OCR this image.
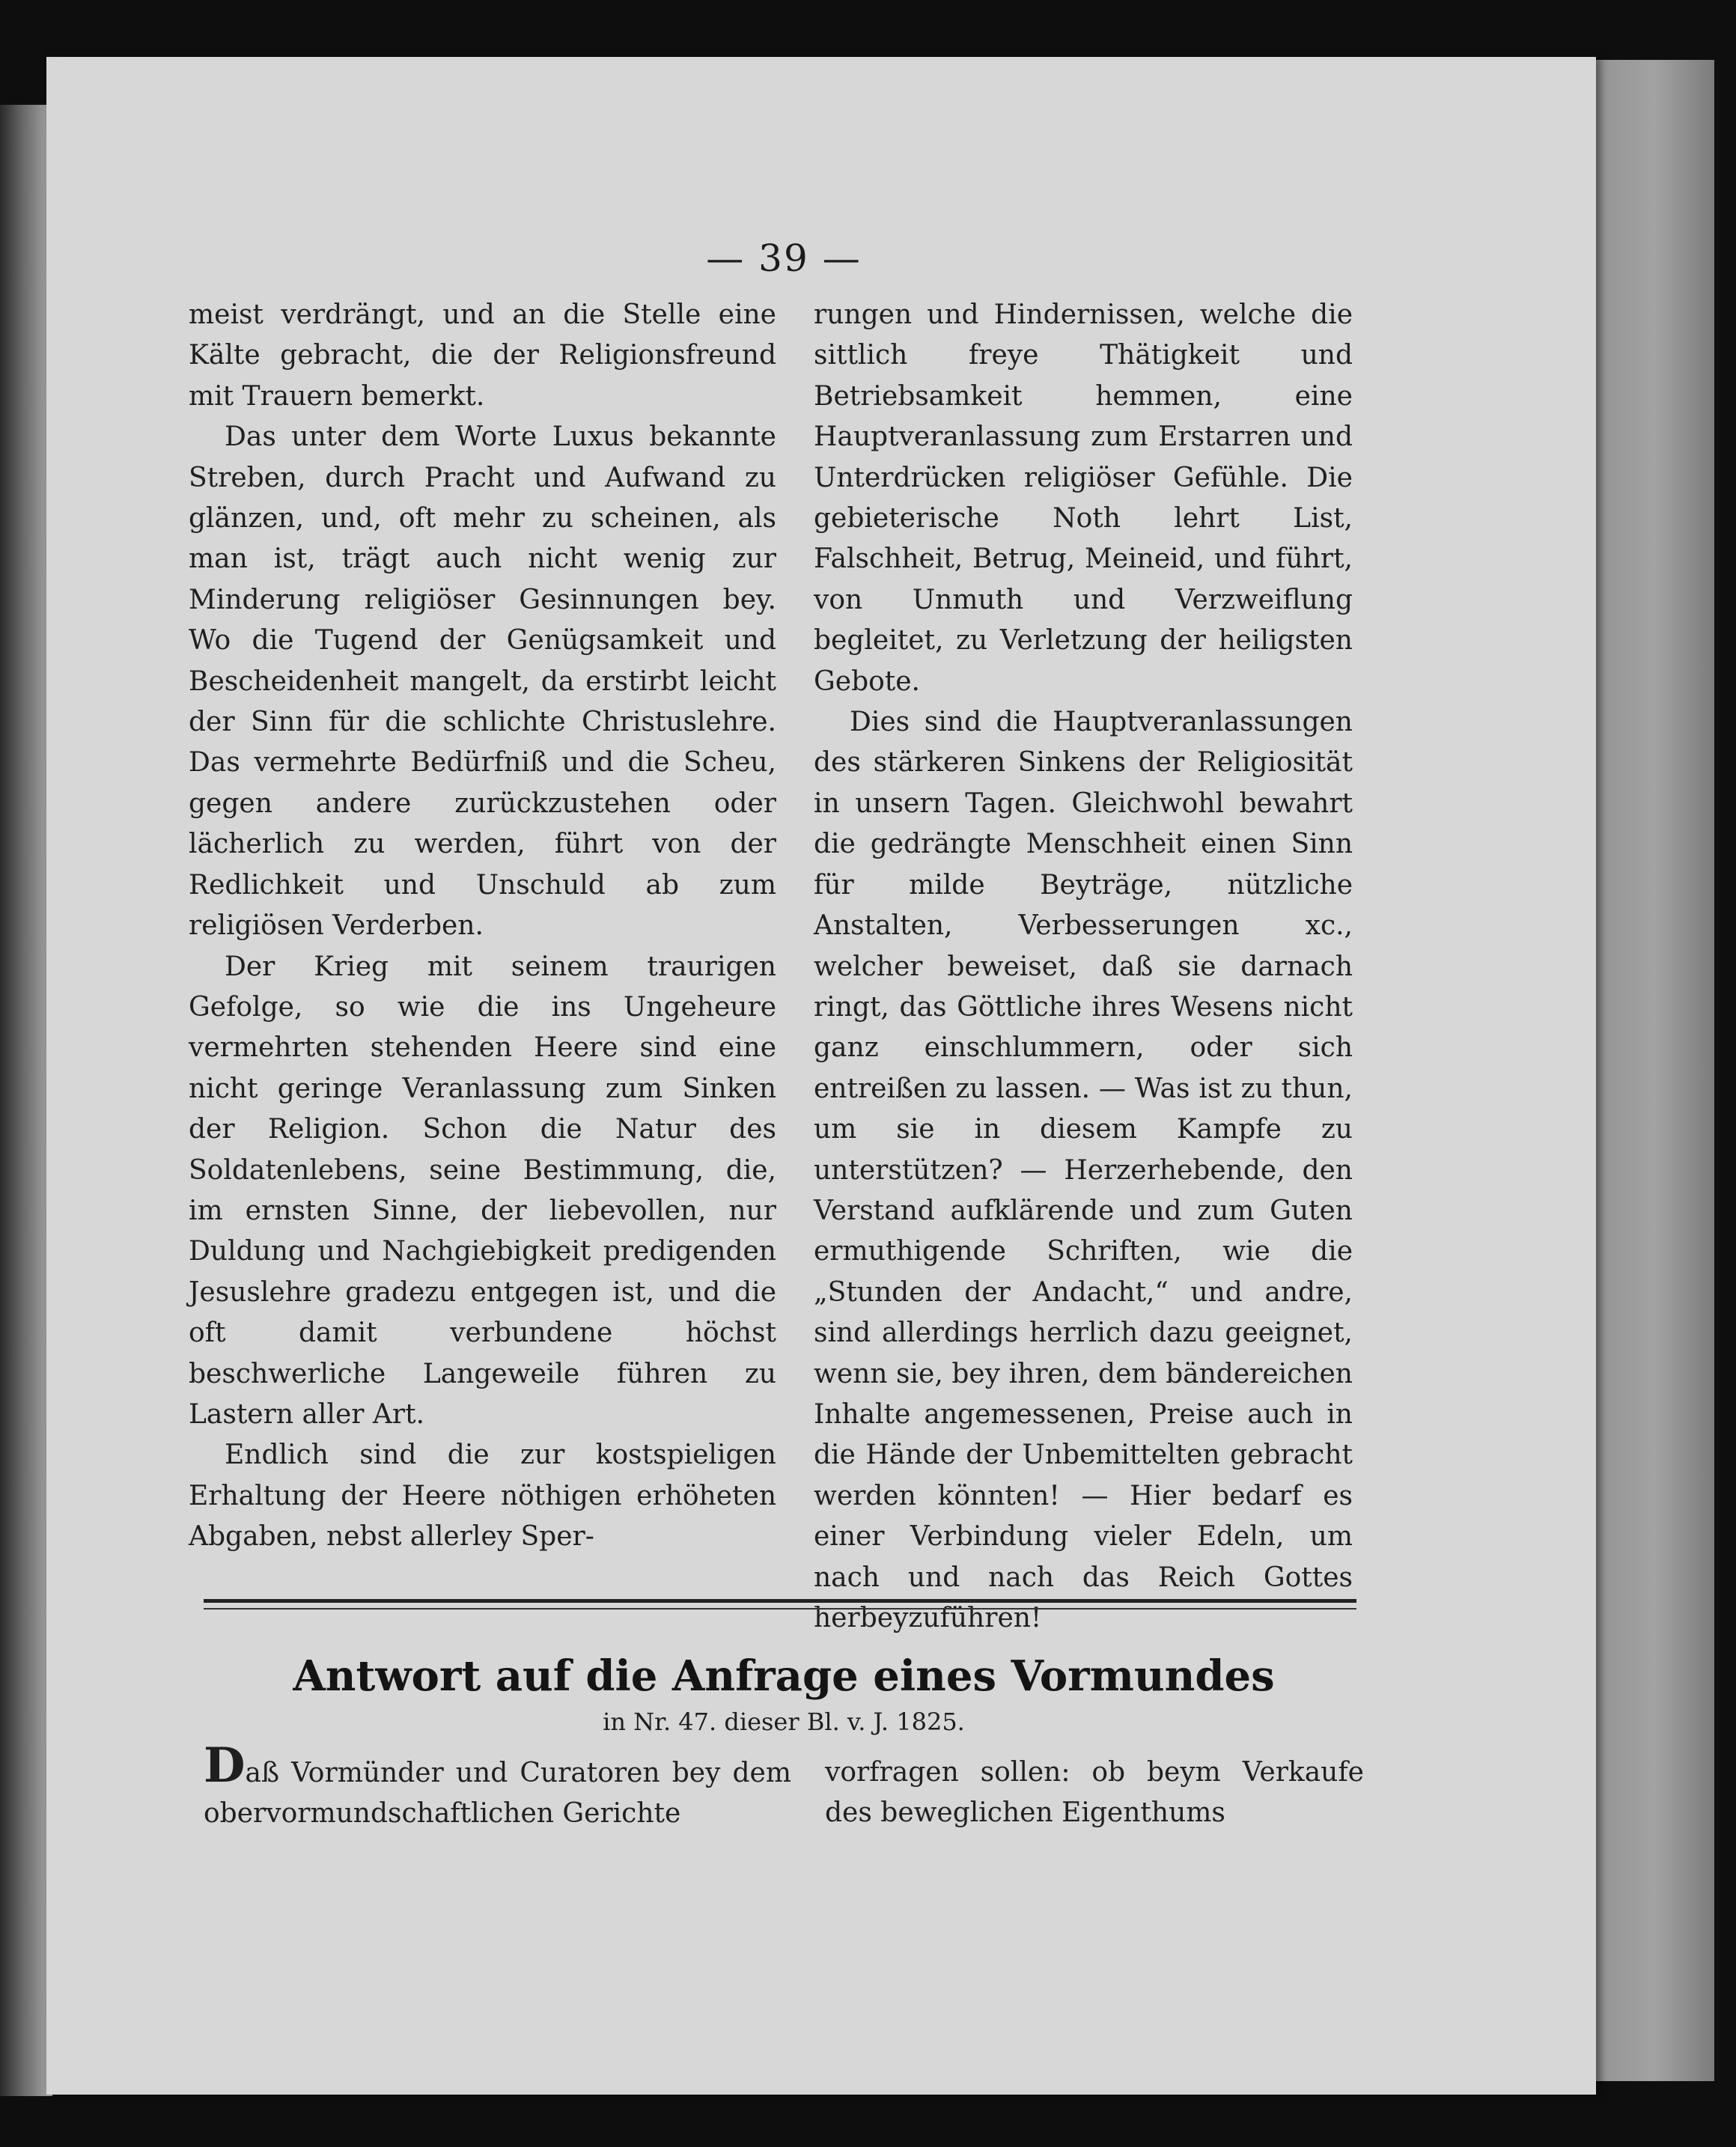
— 39 —

meist verdrängt, und an die Stelle eine Kälte gebracht, die der Religionsfreund mit Trauern bemerkt.

Das unter dem Worte Luxus bekannte Streben, durch Pracht und Aufwand zu glänzen, und, oft mehr zu scheinen, als man ist, trägt auch nicht wenig zur Minderung religiöser Gesinnungen bey. Wo die Tugend der Genügsamkeit und Bescheidenheit mangelt, da erstirbt leicht der Sinn für die schlichte Christuslehre. Das vermehrte Bedürfniß und die Scheu, gegen andere zurückzustehen oder lächerlich zu werden, führt von der Redlichkeit und Unschuld ab zum religiösen Verderben.

Der Krieg mit seinem traurigen Gefolge, so wie die ins Ungeheure vermehrten stehenden Heere sind eine nicht geringe Veranlassung zum Sinken der Religion. Schon die Natur des Soldatenlebens, seine Bestimmung, die, im ernsten Sinne, der liebevollen, nur Duldung und Nachgiebigkeit predigenden Jesuslehre gradezu entgegen ist, und die oft damit verbundene höchst beschwerliche Langeweile führen zu Lastern aller Art.

Endlich sind die zur kostspieligen Erhaltung der Heere nöthigen erhöheten Abgaben, nebst allerley Sper-

rungen und Hindernissen, welche die sittlich freye Thätigkeit und Betriebsamkeit hemmen, eine Hauptveranlassung zum Erstarren und Unterdrücken religiöser Gefühle. Die gebieterische Noth lehrt List, Falschheit, Betrug, Meineid, und führt, von Unmuth und Verzweiflung begleitet, zu Verletzung der heiligsten Gebote.

Dies sind die Hauptveranlassungen des stärkeren Sinkens der Religiosität in unsern Tagen. Gleichwohl bewahrt die gedrängte Menschheit einen Sinn für milde Beyträge, nützliche Anstalten, Verbesserungen xc., welcher beweiset, daß sie darnach ringt, das Göttliche ihres Wesens nicht ganz einschlummern, oder sich entreißen zu lassen. — Was ist zu thun, um sie in diesem Kampfe zu unterstützen? — Herzerhebende, den Verstand aufklärende und zum Guten ermuthigende Schriften, wie die „Stunden der Andacht,“ und andre, sind allerdings herrlich dazu geeignet, wenn sie, bey ihren, dem bändereichen Inhalte angemessenen, Preise auch in die Hände der Unbemittelten gebracht werden könnten! — Hier bedarf es einer Verbindung vieler Edeln, um nach und nach das Reich Gottes herbeyzuführen!

Antwort auf die Anfrage eines Vormundes
in Nr. 47. dieser Bl. v. J. 1825.

Daß Vormünder und Curatoren bey dem obervormundschaftlichen Gerichte

vorfragen sollen: ob beym Verkaufe des beweglichen Eigenthums
